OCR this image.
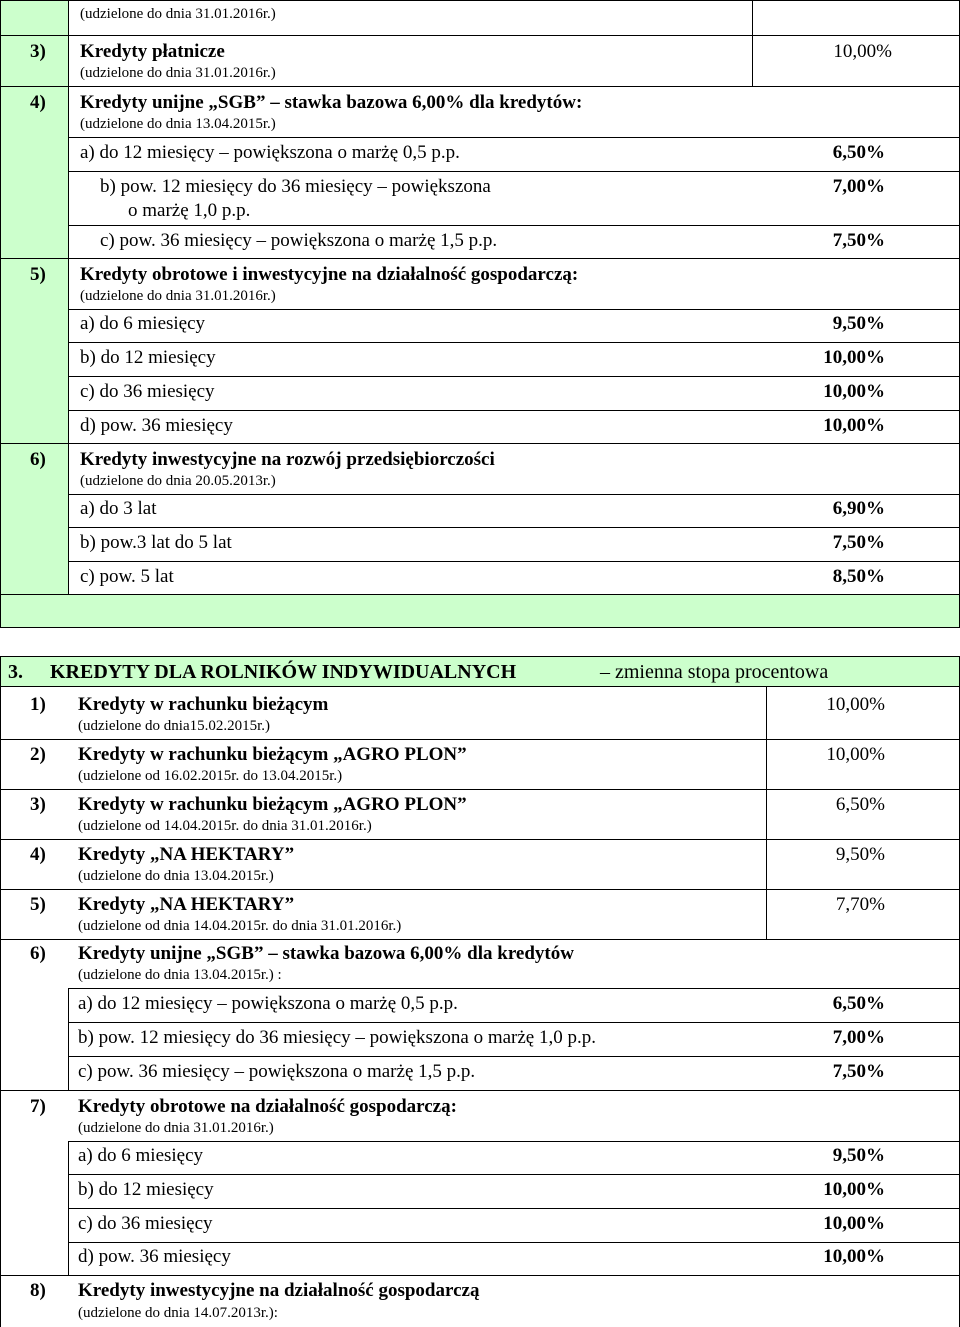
(udzielone do dnia 31.01.2016r.)
3) Kredyty płatnicze
(udzielone do dnia 31.01.2016r.)
10,00%
4) Kredyty unijne „SGB” – stawka bazowa 6,00% dla kredytów:
(udzielone do dnia 13.04.2015r.)
a) do 12 miesięcy – powiększona o marżę 0,5 p.p.	6,50%
b) pow. 12 miesięcy do 36 miesięcy – powiększona
o marżę 1,0 p.p.
7,00%
c) pow. 36 miesięcy – powiększona o marżę 1,5 p.p.	7,50%
5) Kredyty obrotowe i inwestycyjne na działalność gospodarczą:
(udzielone do dnia 31.01.2016r.)
a) do 6 miesięcy	9,50%
b) do 12 miesięcy	10,00%
c) do 36 miesięcy	10,00%
d) pow. 36 miesięcy	10,00%
6) Kredyty inwestycyjne na rozwój przedsiębiorczości
(udzielone do dnia 20.05.2013r.)
a) do 3 lat	6,90%
b) pow.3 lat do 5 lat	7,50%
c) pow. 5 lat	8,50%
3. KREDYTY DLA ROLNIKÓW INDYWIDUALNYCH	– zmienna stopa procentowa
1) Kredyty w rachunku bieżącym
(udzielone do dnia15.02.2015r.)
10,00%
2) Kredyty w rachunku bieżącym „AGRO PLON”
(udzielone od 16.02.2015r. do 13.04.2015r.)
10,00%
3) Kredyty w rachunku bieżącym „AGRO PLON”
(udzielone od 14.04.2015r. do dnia 31.01.2016r.)
6,50%
4) Kredyty „NA HEKTARY”
(udzielone do dnia 13.04.2015r.)
9,50%
5) Kredyty „NA HEKTARY”
(udzielone od dnia 14.04.2015r. do dnia 31.01.2016r.)
7,70%
6) Kredyty unijne „SGB” – stawka bazowa 6,00% dla kredytów
(udzielone do dnia 13.04.2015r.) :
a) do 12 miesięcy – powiększona o marżę 0,5 p.p.	6,50%
b) pow. 12 miesięcy do 36 miesięcy – powiększona o marżę 1,0 p.p.	7,00%
c) pow. 36 miesięcy – powiększona o marżę 1,5 p.p.	7,50%
7) Kredyty obrotowe na działalność gospodarczą:
(udzielone do dnia 31.01.2016r.)
a) do 6 miesięcy	9,50%
b) do 12 miesięcy	10,00%
c) do 36 miesięcy	10,00%
d) pow. 36 miesięcy	10,00%
8) Kredyty inwestycyjne na działalność gospodarczą
(udzielone do dnia 14.07.2013r.):
